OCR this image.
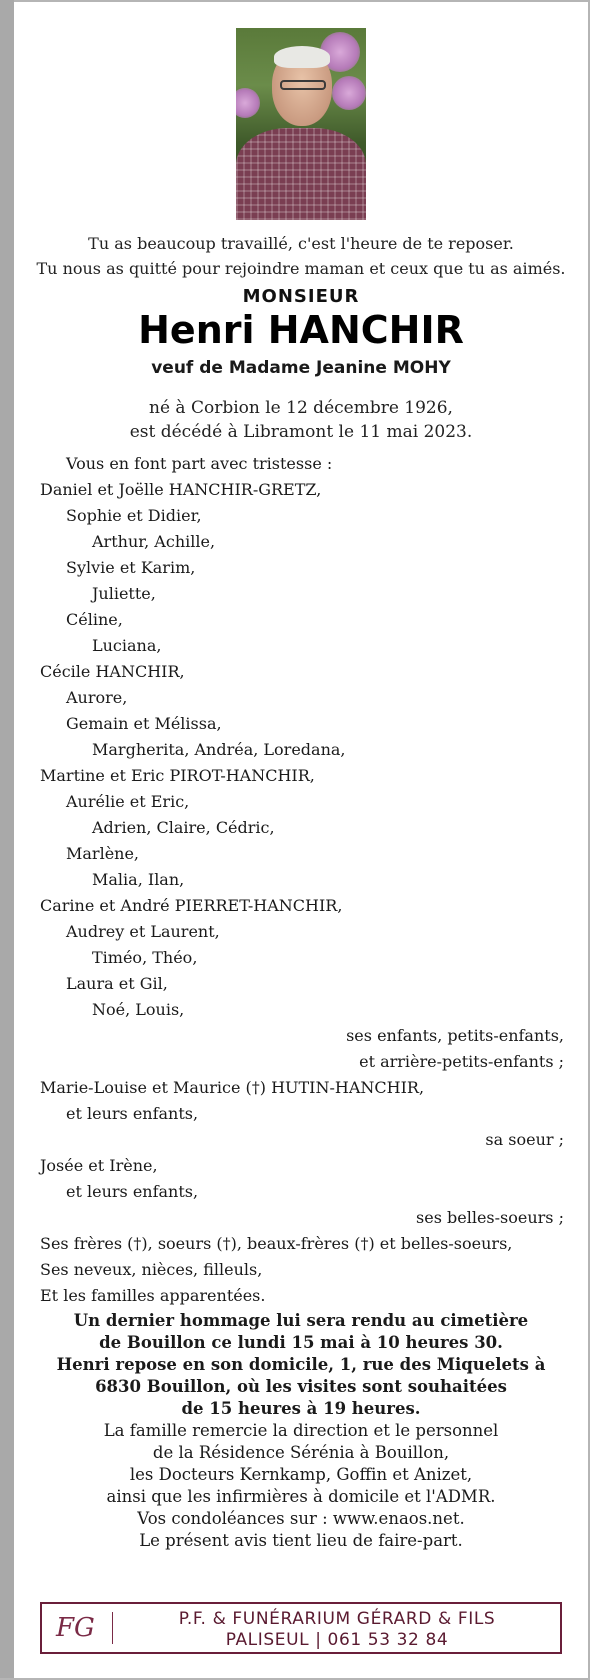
Tu as beaucoup travaillé, c'est l'heure de te reposer.
Tu nous as quitté pour rejoindre maman et ceux que tu as aimés.
MONSIEUR
Henri HANCHIR
veuf de Madame Jeanine MOHY
né à Corbion le 12 décembre 1926,
est décédé à Libramont le 11 mai 2023.
Vous en font part avec tristesse :
Daniel et Joëlle HANCHIR-GRETZ,
Sophie et Didier,
Arthur, Achille,
Sylvie et Karim,
Juliette,
Céline,
Luciana,
Cécile HANCHIR,
Aurore,
Gemain et Mélissa,
Margherita, Andréa, Loredana,
Martine et Eric PIROT-HANCHIR,
Aurélie et Eric,
Adrien, Claire, Cédric,
Marlène,
Malia, Ilan,
Carine et André PIERRET-HANCHIR,
Audrey et Laurent,
Timéo, Théo,
Laura et Gil,
Noé, Louis,
ses enfants, petits-enfants,
et arrière-petits-enfants ;
Marie-Louise et Maurice (†) HUTIN-HANCHIR,
et leurs enfants,
sa soeur ;
Josée et Irène,
et leurs enfants,
ses belles-soeurs ;
Ses frères (†), soeurs (†), beaux-frères (†) et belles-soeurs,
Ses neveux, nièces, filleuls,
Et les familles apparentées.
Un dernier hommage lui sera rendu au cimetière
de Bouillon ce lundi 15 mai à 10 heures 30.
Henri repose en son domicile, 1, rue des Miquelets à
6830 Bouillon, où les visites sont souhaitées
de 15 heures à 19 heures.
La famille remercie la direction et le personnel
de la Résidence Sérénia à Bouillon,
les Docteurs Kernkamp, Goffin et Anizet,
ainsi que les infirmières à domicile et l'ADMR.
Vos condoléances sur : www.enaos.net.
Le présent avis tient lieu de faire-part.
FG	P.F. & FUNÉRARIUM GÉRARD & FILS
PALISEUL | 061 53 32 84
